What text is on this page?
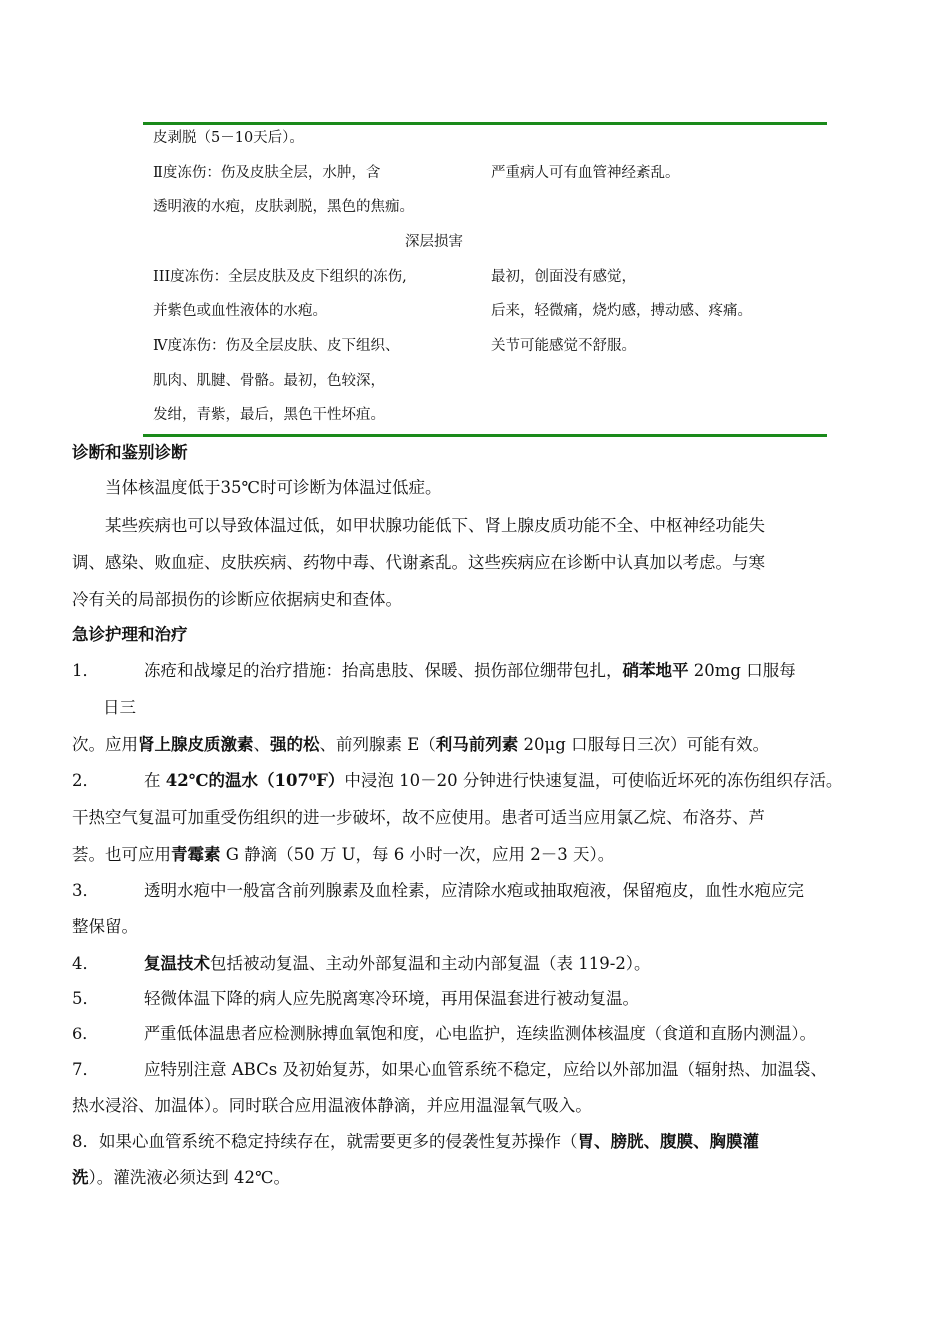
皮剥脱（5－10天后）。
Ⅱ度冻伤：伤及皮肤全层，水肿，含	严重病人可有血管神经紊乱。
透明液的水疱，皮肤剥脱，黑色的焦痂。
深层损害
III度冻伤：全层皮肤及皮下组织的冻伤,	最初，创面没有感觉，
并紫色或血性液体的水疱。	后来，轻微痛，烧灼感，搏动感、疼痛。
Ⅳ度冻伤：伤及全层皮肤、皮下组织、	关节可能感觉不舒服。
肌肉、肌腱、骨骼。最初，色较深，
发绀，青紫，最后，黑色干性坏疽。
诊断和鉴别诊断
当体核温度低于35℃时可诊断为体温过低症。
某些疾病也可以导致体温过低，如甲状腺功能低下、肾上腺皮质功能不全、中枢神经功能失
调、感染、败血症、皮肤疾病、药物中毒、代谢紊乱。这些疾病应在诊断中认真加以考虑。与寒
冷有关的局部损伤的诊断应依据病史和查体。
急诊护理和治疗
1．	冻疮和战壕足的治疗措施：抬高患肢、保暖、损伤部位绷带包扎，硝苯地平 20mg 口服每
日三
次。应用肾上腺皮质激素、强的松、前列腺素 E（利马前列素 20μg 口服每日三次）可能有效。
2．	在 42℃的温水（107⁰F）中浸泡 10－20 分钟进行快速复温，可使临近坏死的冻伤组织存活。
干热空气复温可加重受伤组织的进一步破坏，故不应使用。患者可适当应用氯乙烷、布洛芬、芦
荟。也可应用青霉素 G 静滴（50 万 U，每 6 小时一次，应用 2－3 天）。
3．	透明水疱中一般富含前列腺素及血栓素，应清除水疱或抽取疱液，保留疱皮，血性水疱应完
整保留。
4．	复温技术包括被动复温、主动外部复温和主动内部复温（表 119-2）。
5．	轻微体温下降的病人应先脱离寒冷环境，再用保温套进行被动复温。
6．	严重低体温患者应检测脉搏血氧饱和度，心电监护，连续监测体核温度（食道和直肠内测温）。
7．	应特别注意 ABCs 及初始复苏，如果心血管系统不稳定，应给以外部加温（辐射热、加温袋、
热水浸浴、加温体）。同时联合应用温液体静滴，并应用温湿氧气吸入。
8．如果心血管系统不稳定持续存在，就需要更多的侵袭性复苏操作（胃、膀胱、腹膜、胸膜灌
洗）。灌洗液必须达到 42℃。
